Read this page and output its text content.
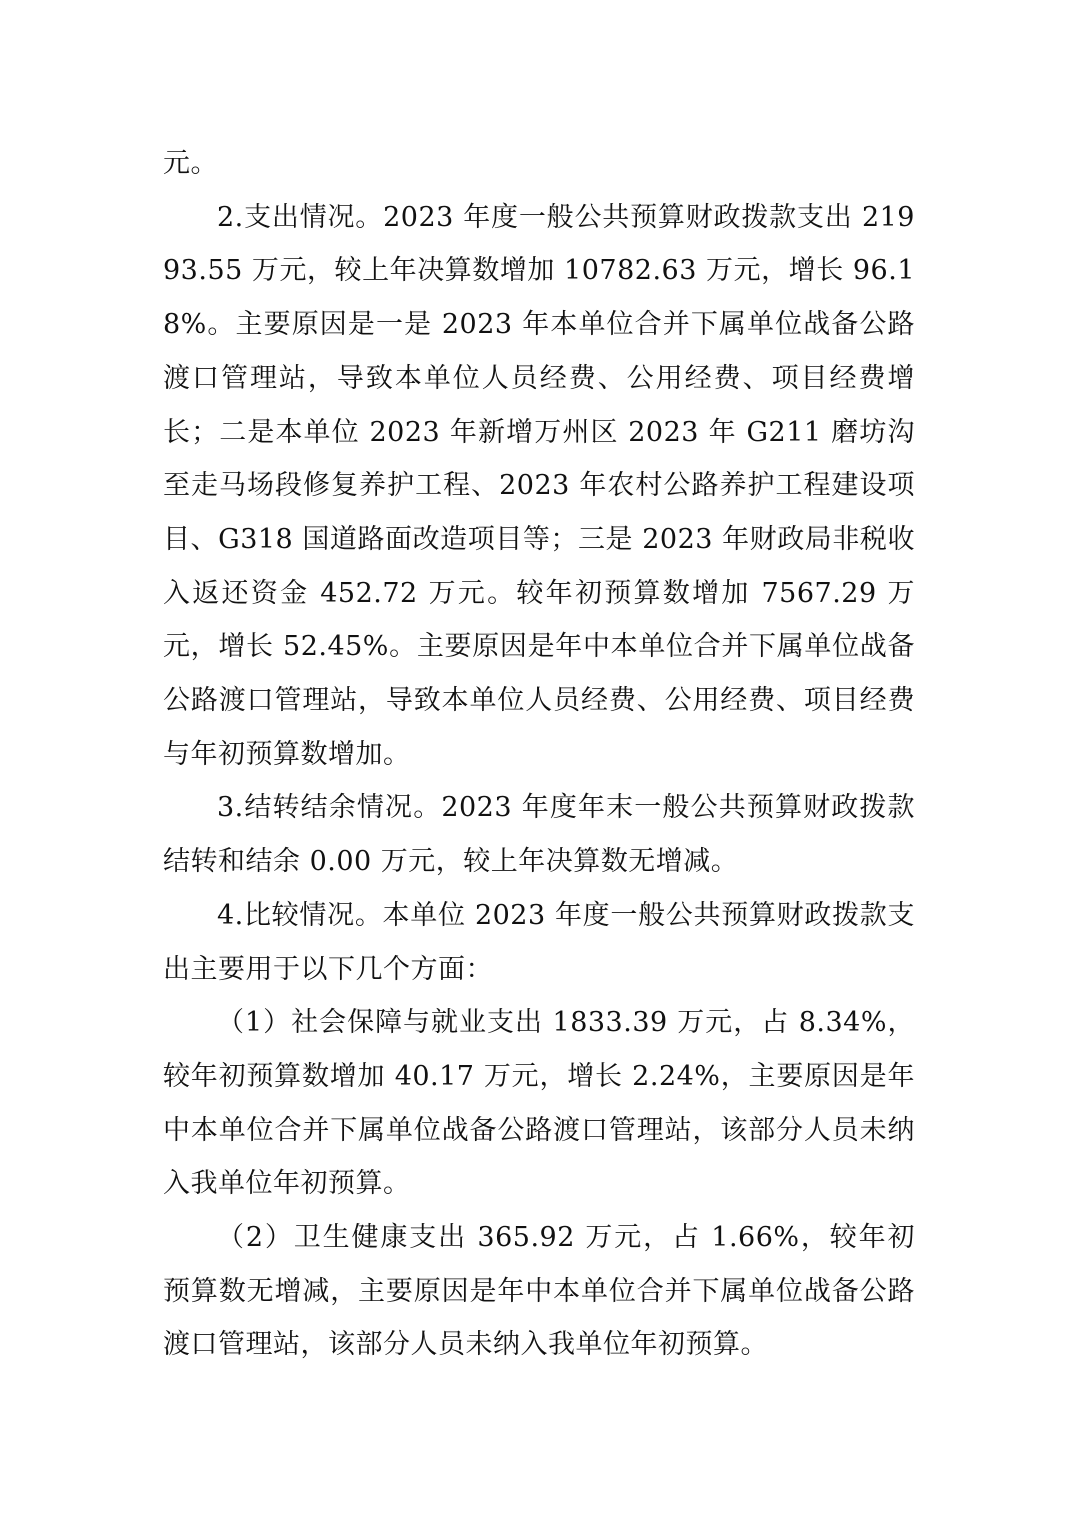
元。

2.支出情况。2023 年度一般公共预算财政拨款支出 21993.55 万元，较上年决算数增加 10782.63 万元，增长 96.18%。主要原因是一是 2023 年本单位合并下属单位战备公路渡口管理站，导致本单位人员经费、公用经费、项目经费增长；二是本单位 2023 年新增万州区 2023 年 G211 磨坊沟至走马场段修复养护工程、2023 年农村公路养护工程建设项目、G318 国道路面改造项目等；三是 2023 年财政局非税收入返还资金 452.72 万元。较年初预算数增加 7567.29 万元，增长 52.45%。主要原因是年中本单位合并下属单位战备公路渡口管理站，导致本单位人员经费、公用经费、项目经费与年初预算数增加。

3.结转结余情况。2023 年度年末一般公共预算财政拨款结转和结余 0.00 万元，较上年决算数无增减。

4.比较情况。本单位 2023 年度一般公共预算财政拨款支出主要用于以下几个方面：

（1）社会保障与就业支出 1833.39 万元，占 8.34%，较年初预算数增加 40.17 万元，增长 2.24%，主要原因是年中本单位合并下属单位战备公路渡口管理站，该部分人员未纳入我单位年初预算。

（2）卫生健康支出 365.92 万元，占 1.66%，较年初预算数无增减，主要原因是年中本单位合并下属单位战备公路渡口管理站，该部分人员未纳入我单位年初预算。
